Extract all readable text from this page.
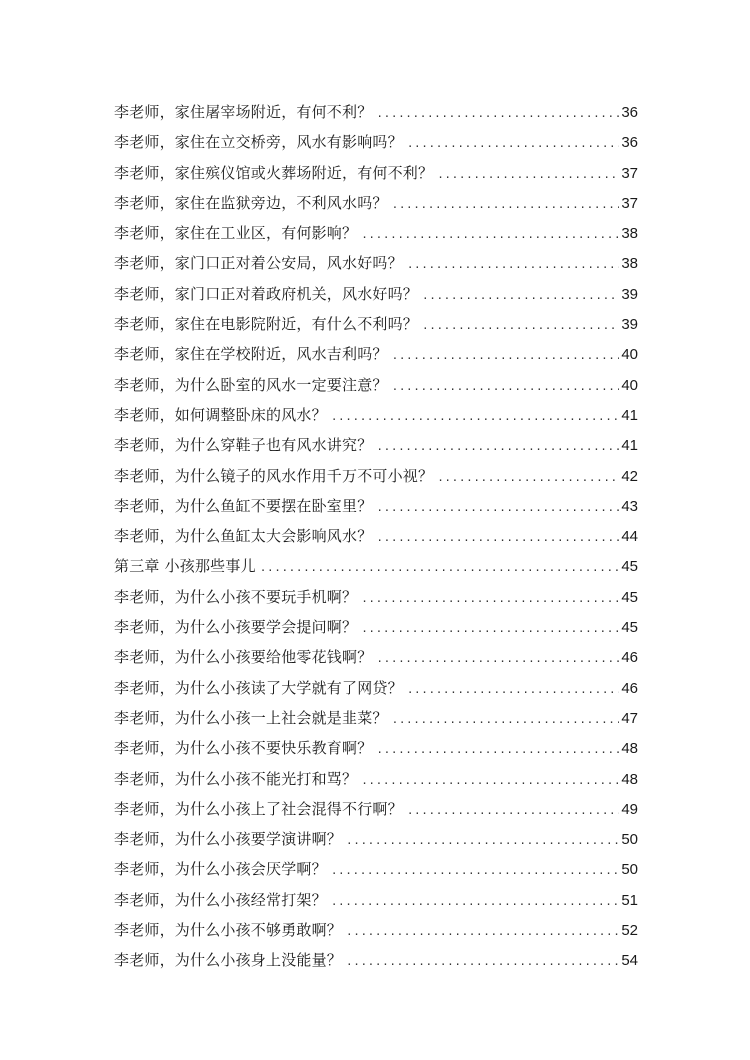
李老师，家住屠宰场附近，有何不利？ .....	36
李老师，家住在立交桥旁，风水有影响吗？ .....	36
李老师，家住殡仪馆或火葬场附近，有何不利？ .....	37
李老师，家住在监狱旁边，不利风水吗？ .....	37
李老师，家住在工业区，有何影响？ .....	38
李老师，家门口正对着公安局，风水好吗？ .....	38
李老师，家门口正对着政府机关，风水好吗？ .....	39
李老师，家住在电影院附近，有什么不利吗？ .....	39
李老师，家住在学校附近，风水吉利吗？ .....	40
李老师，为什么卧室的风水一定要注意？ .....	40
李老师，如何调整卧床的风水？ .....	41
李老师，为什么穿鞋子也有风水讲究？ .....	41
李老师，为什么镜子的风水作用千万不可小视？ .....	42
李老师，为什么鱼缸不要摆在卧室里？ .....	43
李老师，为什么鱼缸太大会影响风水？ .....	44
第三章 小孩那些事儿 .....	45
李老师，为什么小孩不要玩手机啊？ .....	45
李老师，为什么小孩要学会提问啊？ .....	45
李老师，为什么小孩要给他零花钱啊？ .....	46
李老师，为什么小孩读了大学就有了网贷？ .....	46
李老师，为什么小孩一上社会就是韭菜？ .....	47
李老师，为什么小孩不要快乐教育啊？ .....	48
李老师，为什么小孩不能光打和骂？ .....	48
李老师，为什么小孩上了社会混得不行啊？ .....	49
李老师，为什么小孩要学演讲啊？ .....	50
李老师，为什么小孩会厌学啊？ .....	50
李老师，为什么小孩经常打架？ .....	51
李老师，为什么小孩不够勇敢啊？ .....	52
李老师，为什么小孩身上没能量？ .....	54
